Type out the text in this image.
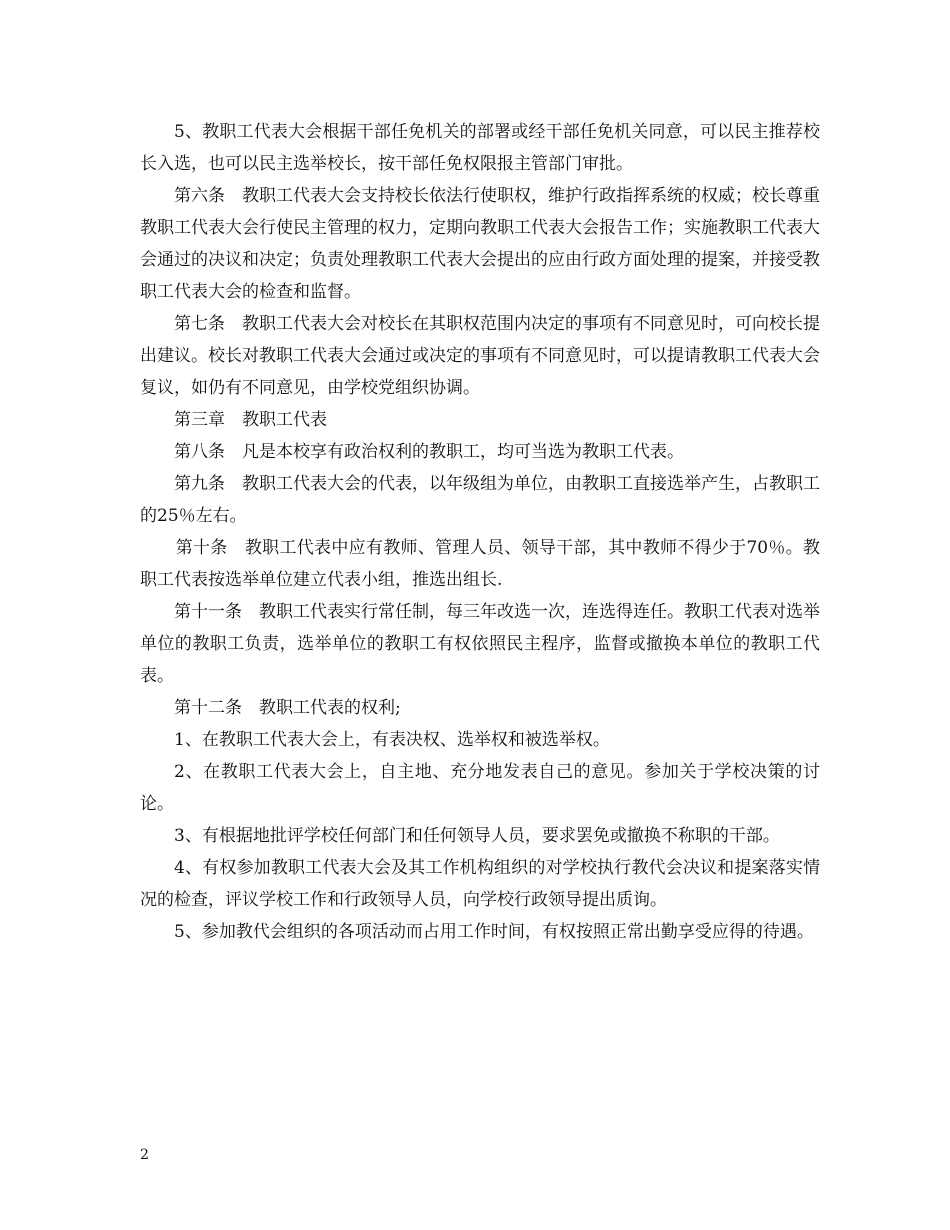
5、教职工代表大会根据干部任免机关的部署或经干部任免机关同意，可以民主推荐校长入选，也可以民主选举校长，按干部任免权限报主管部门审批。

第六条　教职工代表大会支持校长依法行使职权，维护行政指挥系统的权威；校长尊重教职工代表大会行使民主管理的权力，定期向教职工代表大会报告工作；实施教职工代表大会通过的决议和决定；负责处理教职工代表大会提出的应由行政方面处理的提案，并接受教职工代表大会的检查和监督。

第七条　教职工代表大会对校长在其职权范围内决定的事项有不同意见时，可向校长提出建议。校长对教职工代表大会通过或决定的事项有不同意见时，可以提请教职工代表大会复议，如仍有不同意见，由学校党组织协调。

第三章　教职工代表

第八条　凡是本校享有政治权利的教职工，均可当选为教职工代表。

第九条　教职工代表大会的代表，以年级组为单位，由教职工直接选举产生，占教职工的25％左右。

第十条　教职工代表中应有教师、管理人员、领导干部，其中教师不得少于70％。教职工代表按选举单位建立代表小组，推选出组长.

第十一条　教职工代表实行常任制，每三年改选一次，连选得连任。教职工代表对选举单位的教职工负责，选举单位的教职工有权依照民主程序，监督或撤换本单位的教职工代表。

第十二条　教职工代表的权利;

1、在教职工代表大会上，有表决权、选举权和被选举权。

2、在教职工代表大会上，自主地、充分地发表自己的意见。参加关于学校决策的讨论。

3、有根据地批评学校任何部门和任何领导人员，要求罢免或撤换不称职的干部。

4、有权参加教职工代表大会及其工作机构组织的对学校执行教代会决议和提案落实情况的检查，评议学校工作和行政领导人员，向学校行政领导提出质询。

5、参加教代会组织的各项活动而占用工作时间，有权按照正常出勤享受应得的待遇。

2
